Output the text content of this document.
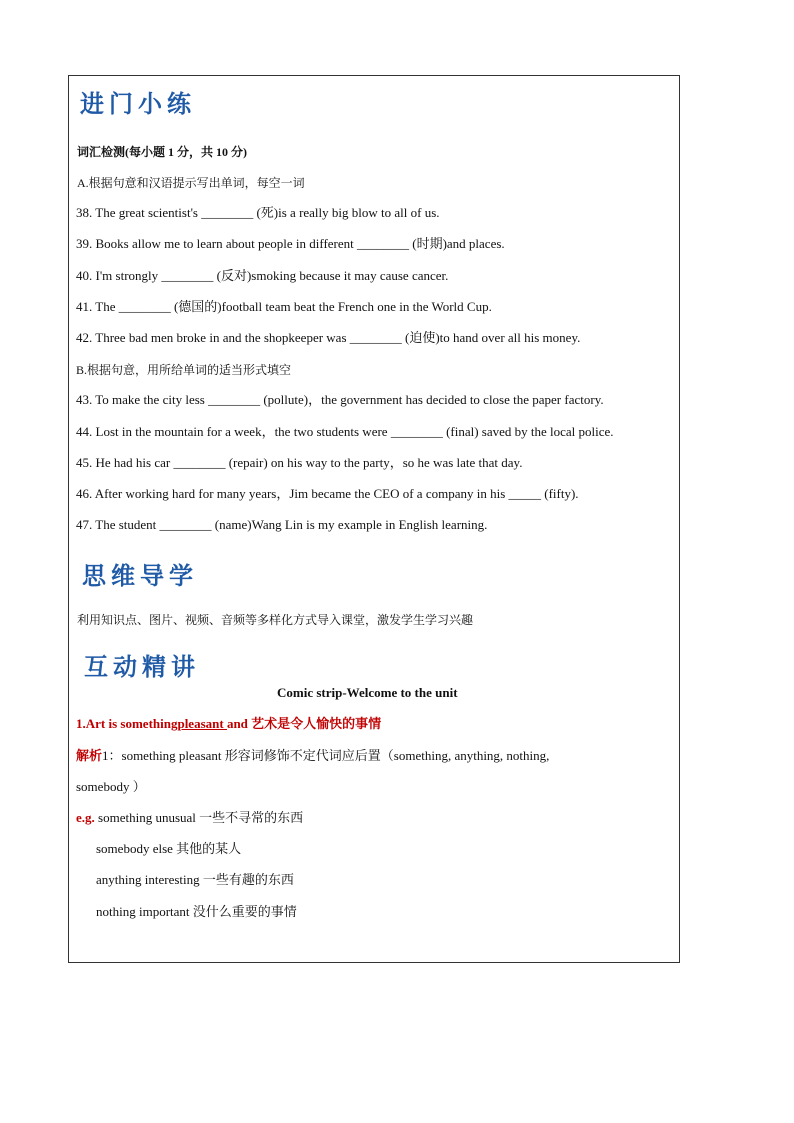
进门小练
词汇检测(每小题 1 分，共 10 分)
A.根据句意和汉语提示写出单词，每空一词
38. The great scientist's ________ (死)is a really big blow to all of us.
39. Books allow me to learn about people in different ________ (时期)and places.
40. I'm strongly ________ (反对)smoking because it may cause cancer.
41. The ________ (德国的)football team beat the French one in the World Cup.
42. Three bad men broke in and the shopkeeper was ________ (迫使)to hand over all his money.
B.根据句意，用所给单词的适当形式填空
43. To make the city less ________ (pollute)，the government has decided to close the paper factory.
44. Lost in the mountain for a week，the two students were ________ (final) saved by the local police.
45. He had his car ________ (repair) on his way to the party，so he was late that day.
46. After working hard for many years，Jim became the CEO of a company in his _____ (fifty).
47. The student ________ (name)Wang Lin is my example in English learning.
思维导学
利用知识点、图片、视频、音频等多样化方式导入课堂，激发学生学习兴趣
互动精讲
Comic strip-Welcome to the unit
1.Art is somethingpleasant and 艺术是令人愉快的事情
解析1：something pleasant 形容词修饰不定代词应后置（something, anything, nothing,
somebody ）
e.g. something unusual 一些不寻常的东西
somebody else 其他的某人
anything interesting 一些有趣的东西
nothing important 没什么重要的事情
